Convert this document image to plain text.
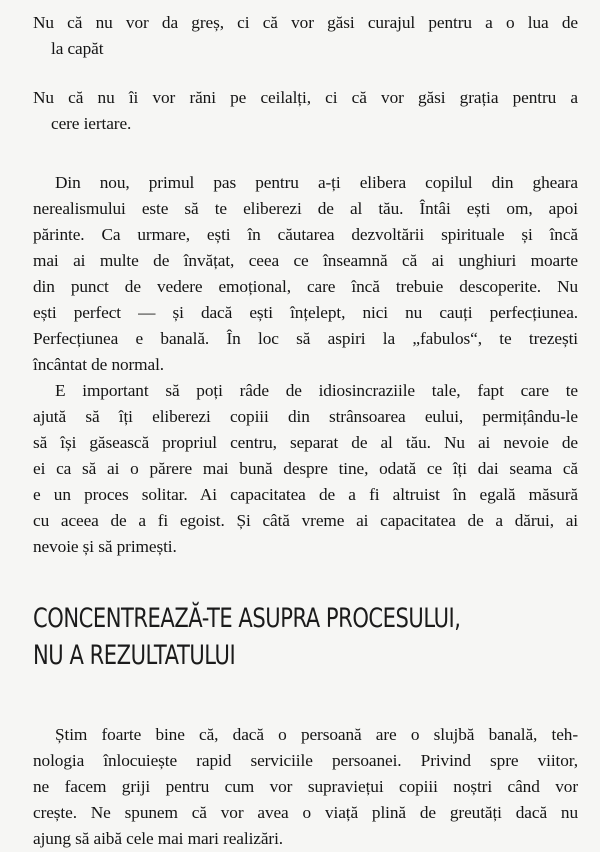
Nu că nu vor da greș, ci că vor găsi curajul pentru a o lua de
la capăt
Nu că nu îi vor răni pe ceilalți, ci că vor găsi grația pentru a
cere iertare.
Din nou, primul pas pentru a-ți elibera copilul din gheara
nerealismului este să te eliberezi de al tău. Întâi ești om, apoi
părinte. Ca urmare, ești în căutarea dezvoltării spirituale și încă
mai ai multe de învățat, ceea ce înseamnă că ai unghiuri moarte
din punct de vedere emoțional, care încă trebuie descoperite. Nu
ești perfect — și dacă ești înțelept, nici nu cauți perfecțiunea.
Perfecțiunea e banală. În loc să aspiri la „fabulos“, te trezești
încântat de normal.
E important să poți râde de idiosincraziile tale, fapt care te
ajută să îți eliberezi copiii din strânsoarea eului, permițându-le
să își găsească propriul centru, separat de al tău. Nu ai nevoie de
ei ca să ai o părere mai bună despre tine, odată ce îți dai seama că
e un proces solitar. Ai capacitatea de a fi altruist în egală măsură
cu aceea de a fi egoist. Și câtă vreme ai capacitatea de a dărui, ai
nevoie și să primești.
CONCENTREAZĂ-TE ASUPRA PROCESULUI,
NU A REZULTATULUI
Știm foarte bine că, dacă o persoană are o slujbă banală, teh-
nologia înlocuiește rapid serviciile persoanei. Privind spre viitor,
ne facem griji pentru cum vor supraviețui copiii noștri când vor
crește. Ne spunem că vor avea o viață plină de greutăți dacă nu
ajung să aibă cele mai mari realizări.
